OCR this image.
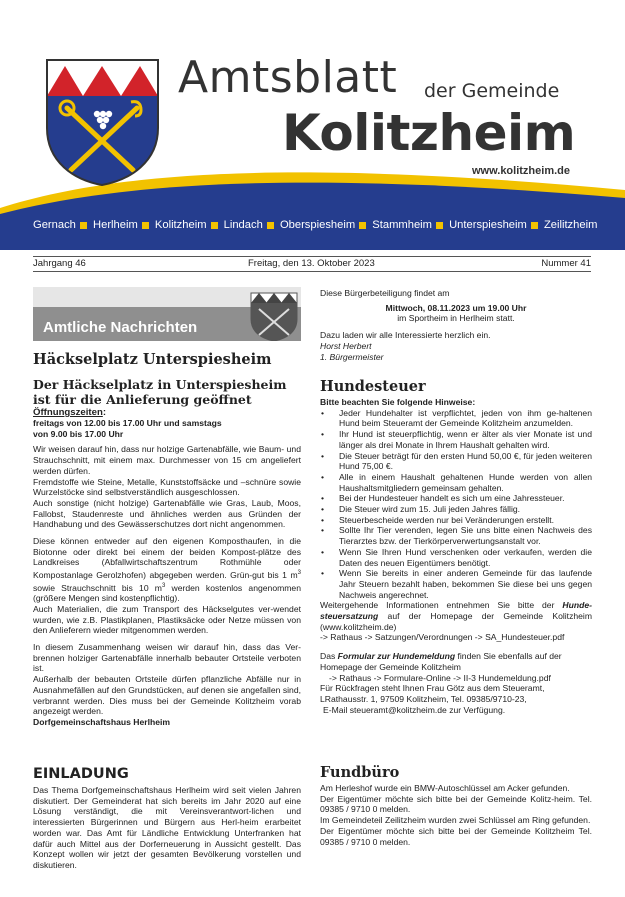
Amtsblatt der Gemeinde
Kolitzheim
www.kolitzheim.de
Gernach Herlheim Kolitzheim Lindach Oberspiesheim Stammheim Unterspiesheim Zeilitzheim
Jahrgang 46	Freitag, den 13. Oktober 2023	Nummer 41
Amtliche Nachrichten
Häckselplatz Unterspiesheim
Der Häckselplatz in Unterspiesheim
ist für die Anlieferung geöffnet

Öffnungszeiten:

freitags von 12.00 bis 17.00 Uhr und samstags

von 9.00 bis 17.00 Uhr

Wir weisen darauf hin, dass nur holzige Gartenabfälle, wie Baum- und Strauchschnitt, mit einem max. Durchmesser von 15 cm angeliefert werden dürfen.

Fremdstoffe wie Steine, Metalle, Kunststoffsäcke und –schnüre sowie Wurzelstöcke sind selbstverständlich ausgeschlossen.

Auch sonstige (nicht holzige) Gartenabfälle wie Gras, Laub, Moos, Fallobst, Staudenreste und ähnliches werden aus Gründen der Handhabung und des Gewässerschutzes dort nicht angenommen.

Diese können entweder auf den eigenen Komposthaufen, in die Biotonne oder direkt bei einem der beiden Kompost-plätze des Landkreises (Abfallwirtschaftszentrum Rothmühle oder Kompostanlage Gerolzhofen) abgegeben werden. Grün-gut bis 1 $m^3$ sowie Strauchschnitt bis 10 $m^3$ werden kostenlos angenommen (größere Mengen sind kostenpflichtig).

Auch Materialien, die zum Transport des Häckselgutes ver-wendet wurden, wie z.B. Plastikplanen, Plastiksäcke oder Netze müssen von den Anlieferern wieder mitgenommen werden.

In diesem Zusammenhang weisen wir darauf hin, dass das Ver-brennen holziger Gartenabfälle innerhalb bebauter Ortsteile verboten ist.

Außerhalb der bebauten Ortsteile dürfen pflanzliche Abfälle nur in Ausnahmefällen auf den Grundstücken, auf denen sie angefallen sind, verbrannt werden. Dies muss bei der Gemeinde Kolitzheim vorab angezeigt werden.

Dorfgemeinschaftshaus Herlheim

EINLADUNG
Das Thema Dorfgemeinschaftshaus Herlheim wird seit vielen Jahren diskutiert. Der Gemeinderat hat sich bereits im Jahr 2020 auf eine Lösung verständigt, die mit Vereinsverantwort-lichen und interessierten Bürgerinnen und Bürgern aus Herl-heim erarbeitet worden war. Das Amt für Ländliche Entwicklung Unterfranken hat dafür auch Mittel aus der Dorferneuerung in Aussicht gestellt. Das Konzept wollen wir jetzt der gesamten Bevölkerung vorstellen und diskutieren.

Diese Bürgerbeteiligung findet am

Mittwoch, 08.11.2023 um 19.00 Uhr

im Sportheim in Herlheim statt.

Dazu laden wir alle Interessierte herzlich ein.

Horst Herbert

1. Bürgermeister

Hundesteuer

Bitte beachten Sie folgende Hinweise:

• Jeder Hundehalter ist verpflichtet, jeden von ihm ge-haltenen Hund beim Steueramt der Gemeinde Kolitzheim anzumelden.
• Ihr Hund ist steuerpflichtig, wenn er älter als vier Monate ist und länger als drei Monate in Ihrem Haushalt gehalten wird.
• Die Steuer beträgt für den ersten Hund 50,00 €, für jeden weiteren Hund 75,00 €.
• Alle in einem Haushalt gehaltenen Hunde werden von allen Haushaltsmitgliedern gemeinsam gehalten.
• Bei der Hundesteuer handelt es sich um eine Jahressteuer.
• Die Steuer wird zum 15. Juli jeden Jahres fällig.
• Steuerbescheide werden nur bei Veränderungen erstellt.
• Sollte Ihr Tier verenden, legen Sie uns bitte einen Nachweis des Tierarztes bzw. der Tierkörperverwertungsanstalt vor.
• Wenn Sie Ihren Hund verschenken oder verkaufen, werden die Daten des neuen Eigentümers benötigt.
• Wenn Sie bereits in einer anderen Gemeinde für das laufende Jahr Steuern bezahlt haben, bekommen Sie diese bei uns gegen Nachweis angerechnet.

Weitergehende Informationen entnehmen Sie bitte der Hunde-steuersatzung auf der Homepage der Gemeinde Kolitzheim (www.kolitzheim.de)

-> Rathaus -> Satzungen/Verordnungen -> SA_Hundesteuer.pdf

Das Formular zur Hundemeldung finden Sie ebenfalls auf der Homepage der Gemeinde Kolitzheim

-> Rathaus -> Formulare-Online -> II-3 Hundemeldung.pdf

Für Rückfragen steht Ihnen Frau Götz aus dem Steueramt,

LRathausstr. 1, 97509 Kolitzheim, Tel. 09385/9710-23,

E-Mail steueramt@kolitzheim.de zur Verfügung.

Fundbüro

Am Herleshof wurde ein BMW-Autoschlüssel am Acker gefunden.

Der Eigentümer möchte sich bitte bei der Gemeinde Kolitz-heim. Tel. 09385 / 9710 0 melden.

Im Gemeindeteil Zeilitzheim wurden zwei Schlüssel am Ring gefunden.

Der Eigentümer möchte sich bitte bei der Gemeinde Kolitzheim Tel. 09385 / 9710 0 melden.
